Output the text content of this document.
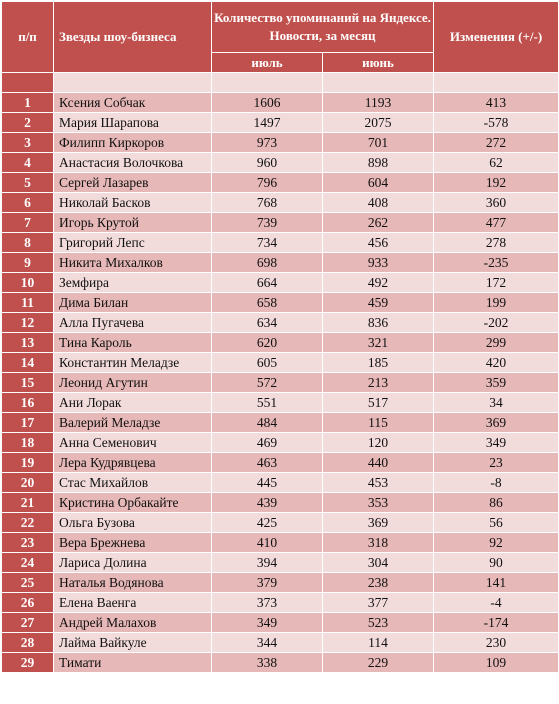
п/п	Звезды шоу-бизнеса	Количество упоминаний на Яндексе. Новости, за месяц		Изменения (+/-)
		июль	июнь	

1	Ксения Собчак	1606	1193	413
2	Мария Шарапова	1497	2075	-578
3	Филипп Киркоров	973	701	272
4	Анастасия Волочкова	960	898	62
5	Сергей Лазарев	796	604	192
6	Николай Басков	768	408	360
7	Игорь Крутой	739	262	477
8	Григорий Лепс	734	456	278
9	Никита Михалков	698	933	-235
10	Земфира	664	492	172
11	Дима Билан	658	459	199
12	Алла Пугачева	634	836	-202
13	Тина Кароль	620	321	299
14	Константин Меладзе	605	185	420
15	Леонид Агутин	572	213	359
16	Ани Лорак	551	517	34
17	Валерий Меладзе	484	115	369
18	Анна Семенович	469	120	349
19	Лера Кудрявцева	463	440	23
20	Стас Михайлов	445	453	-8
21	Кристина Орбакайте	439	353	86
22	Ольга Бузова	425	369	56
23	Вера Брежнева	410	318	92
24	Лариса Долина	394	304	90
25	Наталья Водянова	379	238	141
26	Елена Ваенга	373	377	-4
27	Андрей Малахов	349	523	-174
28	Лайма Вайкуле	344	114	230
29	Тимати	338	229	109
